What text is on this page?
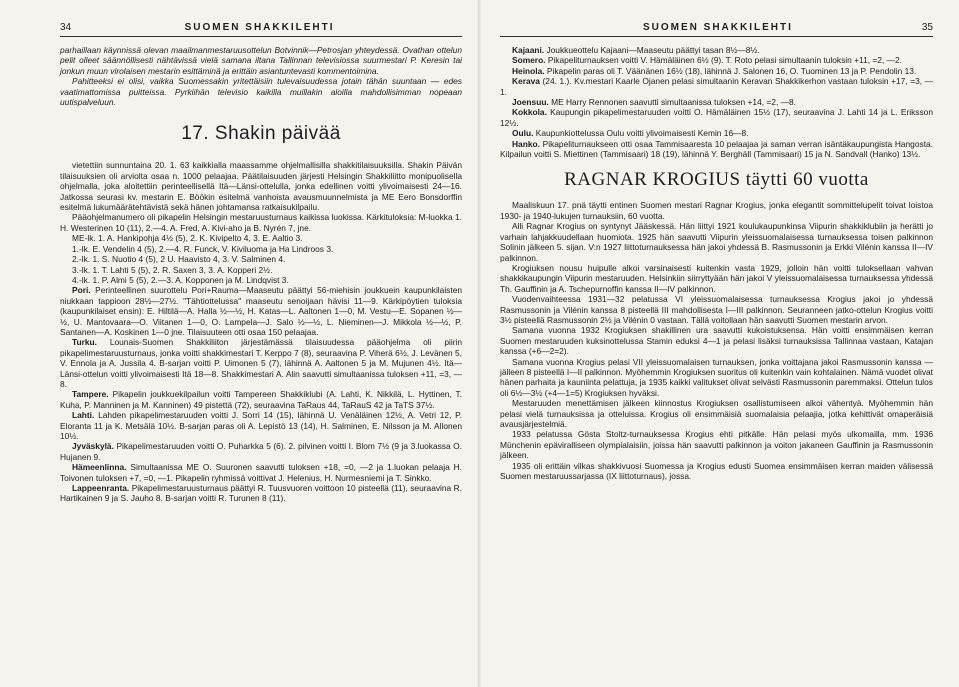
34	SUOMEN SHAKKILEHTI

parhaillaan käynnissä olevan maailmanmestaruusottelun Botvinnik—Petrosjan yhteydessä. Ovathan ottelun pelit olleet säännöllisesti nähtävissä vielä samana iltana Tallinnan televisiossa suurmestari P. Keresin tai jonkun muun virolaisen mestarin esittäminä ja erittäin asiantuntevasti kommentoimina.

Pahitteeksi ei olisi, vaikka Suomessakin yritettäisiin tulevaisuudessa jotain tähän suuntaan — edes vaatimattomissa puitteissa. Pyrkiihän televisio kaikilla muillakin aloilla mahdollisimman nopeaan uutispalveluun.

17. Shakin päivää

vietettiin sunnuntaina 20. 1. 63 kaikkialla maassamme ohjelmallisilla shakkitilaisuuksilla. Shakin Päivän tilaisuuksien oli arviolta osaa n. 1000 pelaajaa. Päätilaisuuden järjesti Helsingin Shakkiliitto monipuolisella ohjelmalla, joka aloitettiin perinteellisellä Itä—Länsi-ottelulla, jonka edellinen voitti ylivoimaisesti 24—16. Jatkossa seurasi kv. mestarin E. Böökin esitelmä vanhoista avausmuunnelmista ja ME Eero Bonsdorffin esitelmä lukumäärätehtävistä sekä hänen johtamansa ratkaisukilpailu.

Pääohjelmanumero oli pikapelin Helsingin mestaruusturnaus kaikissa luokissa. Kärkituloksia: M-luokka 1. H. Westerinen 10 (11), 2.—4. A. Fred, A. Kivi-aho ja B. Nyrén 7, jne.

ME-lk. 1. A. Hankipohja 4½ (5), 2. K. Kivipelto 4, 3. E. Aaltio 3.

1.-lk. E. Vendelin 4 (5), 2.—4. R. Funck, V. Kiviluoma ja Ha Lindroos 3.

2.-lk. 1. S. Nuotio 4 (5), 2 U. Haavisto 4, 3. V. Salminen 4.

3.-lk. 1. T. Lahti 5 (5), 2. R. Saxen 3, 3. A. Kopperi 2½.

4.-lk. 1. P. Almi 5 (5), 2.—3. A. Kopponen ja M. Lindqvist 3.

Pori. Perinteellinen suurottelu Pori+Rauma—Maaseutu päättyi 56-miehisin joukkuein kaupunkilaisten niukkaan tappioon 28½—27½. "Tähtiottelussa" maaseutu senoijaan hävisi 11—9. Kärkipöytien tuloksia (kaupunkilaiset ensin): E. Hiltilä—A. Halla ½—½, H. Katas—L. Aaltonen 1—0, M. Vestu—E. Sopanen ½—½, U. Mantovaara—O. Viitanen 1—0, O. Lampela—J. Salo ½—½, L. Nieminen—J. Mikkola ½—½, P. Santanen—A. Koskinen 1—0 jne. Tilaisuuteen otti osaa 150 pelaajaa.

Turku. Lounais-Suomen Shakkiliiton järjestämässä tilaisuudessa pääohjelma oli piirin pikapelimestaruusturnaus, jonka voitti shakkimestari T. Kerppo 7 (8), seuraavina P. Viherä 6½, J. Levänen 5, V. Ennola ja A. Jussila 4. B-sarjan voitti P. Uimonen 5 (7), lähinnä A. Aaltonen 5 ja M. Mujunen 4½. Itä—Länsi-ottelun voitti ylivoimaisesti Itä 18—8. Shakkimestari A. Alin saavutti simultaanissa tuloksen +11, =3, —8.

Tampere. Pikapelin joukkuekilpailun voitti Tampereen Shakkiklubi (A. Lahti, K. Nikkilä, L. Hyttinen, T. Kuha, P. Manninen ja M. Kanninen) 49 pistettä (72), seuraavina TaRaus 44, TaRauS 42 ja TaTS 37½.

Lahti. Lahden pikapelimestaruuden voitti J. Sorri 14 (15), lähinnä U. Venäläinen 12½, A. Vetri 12, P. Eloranta 11 ja K. Metsälä 10½. B-sarjan paras oli A. Lepistö 13 (14), H. Salminen, E. Nilsson ja M. Allonen 10½.

Jyväskylä. Pikapelimestaruuden voitti O. Puharkka 5 (6). 2. pilvinen voitti I. Blom 7½ (9 ja 3.luokassa O. Hujanen 9.

Hämeenlinna. Simultaanissa ME O. Suuronen saavutti tuloksen +18, =0, —2 ja 1.luokan pelaaja H. Toivonen tuloksen +7, =0, —1. Pikapelin ryhmissä voittivat J. Helenius, H. Nurmesniemi ja T. Sinkko.

Lappeenranta. Pikapelimestaruusturnaus päättyi R. Tuusvuoren voittoon 10 pisteellä (11), seuraavina R. Hartikainen 9 ja S. Jauho 8. B-sarjan voitti R. Turunen 8 (11).

SUOMEN SHAKKILEHTI	35

Kajaani. Joukkueottelu Kajaani—Maaseutu päättyi tasan 8½—8½.

Somero. Pikapeliturnauksen voitti V. Hämäläinen 6½ (9). T. Roto pelasi simultaanin tuloksin +11, =2, —2.

Heinola. Pikapelin paras oli T. Väänänen 16½ (18), lähinnä J. Salonen 16, O. Tuominen 13 ja P. Pendolin 13.

Kerava (24. 1.). Kv.mestari Kaarle Ojanen pelasi simultaanin Keravan Shakkikerhon vastaan tuloksin +17, =3, —1.

Joensuu. ME Harry Rennonen saavutti simultaanissa tuloksen +14, =2, —8.

Kokkola. Kaupungin pikapelimestaruuden voitti O. Hämäläinen 15½ (17), seuraavina J. Lahti 14 ja L. Eriksson 12½.

Oulu. Kaupunkiottelussa Oulu voitti ylivoimaisesti Kemin 16—8.

Hanko. Pikapeliturnaukseen otti osaa Tammisaaresta 10 pelaajaa ja saman verran isäntäkaupungista Hangosta. Kilpailun voitti S. Miettinen (Tammisaari) 18 (19), lähinnä Y. Berghäll (Tammisaari) 15 ja N. Sandvall (Hanko) 13½.

RAGNAR KROGIUS täytti 60 vuotta

Maaliskuun 17. pnä täytti entinen Suomen mestari Ragnar Krogius, jonka elegantit sommittelupelit toivat loistoa 1930- ja 1940-lukujen turnauksiin, 60 vuotta.

Alli Ragnar Krogius on syntynyt Jääskessä. Hän liittyi 1921 koulukaupunkinsa Viipurin shakkiklubiin ja herätti jo varhain lahjakkuudellaan huomiota. 1925 hän saavutti Viipurin yleissuomalaisessa turnauksessa toisen palkinnon Solinin jälkeen 5. sijan. V:n 1927 liittoturnauksessa hän jakoi yhdessä B. Rasmussonin ja Erkki Vilénin kanssa II—IV palkinnon.

Krogiuksen nousu huipulle alkoi varsinaisesti kuitenkin vasta 1929, jolloin hän voitti tuloksellaan vahvan shakkikaupungin Viipurin mestaruuden. Helsinkiin siirryttyään hän jakoi V yleissuomalaisessa turnauksessa yhdessä Th. Gauffinin ja A. Tschepurnoffin kanssa II—IV palkinnon.

Vuodenvaihteessa 1931—32 pelatussa VI yleissuomalaisessa turnauksessa Krogius jakoi jo yhdessä Rasmussonin ja Vilénin kanssa 8 pisteellä III mahdollisesta I—III palkinnon. Seuranneen jatko-ottelun Krogius voitti 3½ pisteellä Rasmussonin 2½ ja Vilénin 0 vastaan. Tällä voitollaan hän saavutti Suomen mestarin arvon.

Samana vuonna 1932 Krogiuksen shakillinen ura saavutti kukoistuksensa. Hän voitti ensimmäisen kerran Suomen mestaruuden kuksinottelussa Stamin eduksi 4—1 ja pelasi lisäksi turnauksissa Tallinnaa vastaan, Katajan kanssa (+6—2=2).

Samana vuonna Krogius pelasi VII yleissuomalaisen turnauksen, jonka voittajana jakoi Rasmussonin kanssa — jälleen 8 pisteellä I—II palkinnon. Myöhemmin Krogiuksen suoritus oli kuitenkin vain kohtalainen. Nämä vuodet olivat hänen parhaita ja kauniinta pelattuja, ja 1935 kaikki valitukset olivat selvästi Rasmussonin paremmaksi. Ottelun tulos oli 6½—3½ (+4—1=5) Krogiuksen hyväksi.

Mestaruuden menettämisen jälkeen kiinnostus Krogiuksen osallistumiseen alkoi vähentyä. Myöhemmin hän pelasi vielä turnauksissa ja otteluissa. Krogius oli ensimmäisiä suomalaisia pelaajia, jotka kehittivät omaperäisiä avausjärjestelmiä.

1933 pelatussa Gösta Stoltz-turnauksessa Krogius ehti pitkälle. Hän pelasi myös ulkomailla, mm. 1936 Münchenin epäviralliseen olympialaisiin, joissa hän saavutti palkinnon ja voiton jakaneen Gauffinin ja Rasmussonin jälkeen.

1935 oli erittäin vilkas shakkivuosi Suomessa ja Krogius edusti Suomea ensimmäisen kerran maiden välisessä Suomen mestaruussarjassa (IX liittoturnaus), jossa.
